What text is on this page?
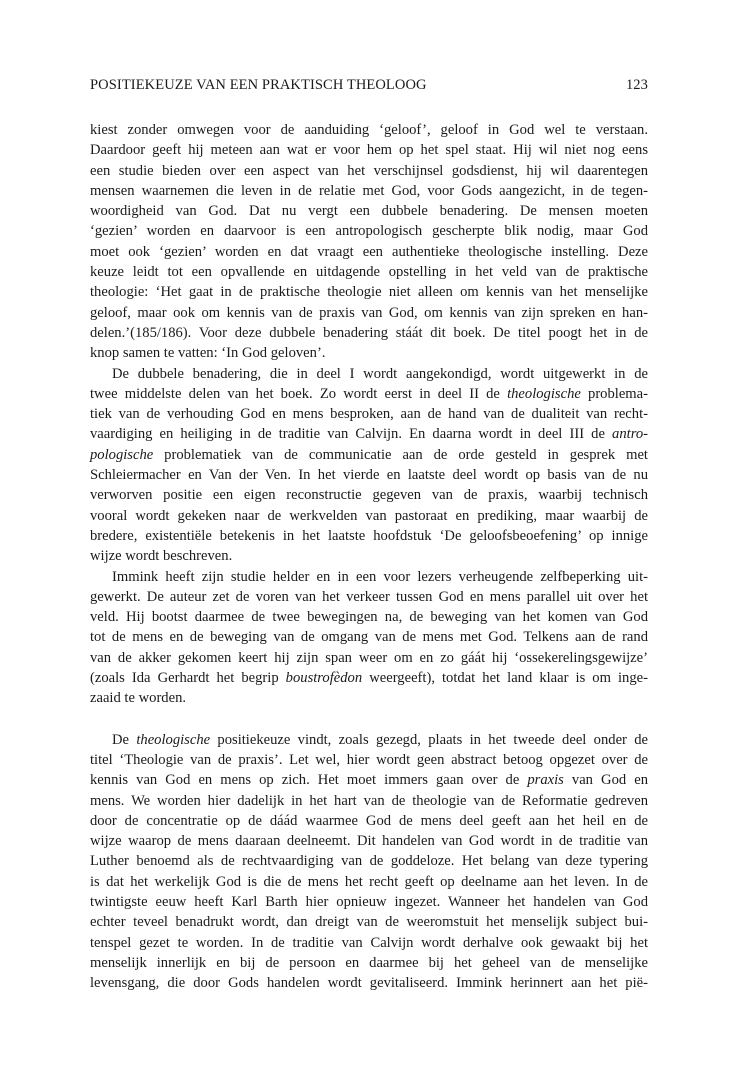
POSITIEKEUZE VAN EEN PRAKTISCH THEOLOOG	123
kiest zonder omwegen voor de aanduiding ‘geloof’, geloof in God wel te verstaan.
Daardoor geeft hij meteen aan wat er voor hem op het spel staat. Hij wil niet nog eens
een studie bieden over een aspect van het verschijnsel godsdienst, hij wil daarentegen
mensen waarnemen die leven in de relatie met God, voor Gods aangezicht, in de tegen-
woordigheid van God. Dat nu vergt een dubbele benadering. De mensen moeten
‘gezien’ worden en daarvoor is een antropologisch gescherpte blik nodig, maar God
moet ook ‘gezien’ worden en dat vraagt een authentieke theologische instelling. Deze
keuze leidt tot een opvallende en uitdagende opstelling in het veld van de praktische
theologie: ‘Het gaat in de praktische theologie niet alleen om kennis van het menselijke
geloof, maar ook om kennis van de praxis van God, om kennis van zijn spreken en han-
delen.’(185/186). Voor deze dubbele benadering stáát dit boek. De titel poogt het in de
knop samen te vatten: ‘In God geloven’.
De dubbele benadering, die in deel I wordt aangekondigd, wordt uitgewerkt in de
twee middelste delen van het boek. Zo wordt eerst in deel II de theologische problema-
tiek van de verhouding God en mens besproken, aan de hand van de dualiteit van recht-
vaardiging en heiliging in de traditie van Calvijn. En daarna wordt in deel III de antro-
pologische problematiek van de communicatie aan de orde gesteld in gesprek met
Schleiermacher en Van der Ven. In het vierde en laatste deel wordt op basis van de nu
verworven positie een eigen reconstructie gegeven van de praxis, waarbij technisch
vooral wordt gekeken naar de werkvelden van pastoraat en prediking, maar waarbij de
bredere, existentiële betekenis in het laatste hoofdstuk ‘De geloofsbeoefening’ op innige
wijze wordt beschreven.
Immink heeft zijn studie helder en in een voor lezers verheugende zelfbeperking uit-
gewerkt. De auteur zet de voren van het verkeer tussen God en mens parallel uit over het
veld. Hij bootst daarmee de twee bewegingen na, de beweging van het komen van God
tot de mens en de beweging van de omgang van de mens met God. Telkens aan de rand
van de akker gekomen keert hij zijn span weer om en zo gáát hij ‘ossekerelingsgewijze’
(zoals Ida Gerhardt het begrip boustrofèdon weergeeft), totdat het land klaar is om inge-
zaaid te worden.
De theologische positiekeuze vindt, zoals gezegd, plaats in het tweede deel onder de
titel ‘Theologie van de praxis’. Let wel, hier wordt geen abstract betoog opgezet over de
kennis van God en mens op zich. Het moet immers gaan over de praxis van God en
mens. We worden hier dadelijk in het hart van de theologie van de Reformatie gedreven
door de concentratie op de dáád waarmee God de mens deel geeft aan het heil en de
wijze waarop de mens daaraan deelneemt. Dit handelen van God wordt in de traditie van
Luther benoemd als de rechtvaardiging van de goddeloze. Het belang van deze typering
is dat het werkelijk God is die de mens het recht geeft op deelname aan het leven. In de
twintigste eeuw heeft Karl Barth hier opnieuw ingezet. Wanneer het handelen van God
echter teveel benadrukt wordt, dan dreigt van de weeromstuit het menselijk subject bui-
tenspel gezet te worden. In de traditie van Calvijn wordt derhalve ook gewaakt bij het
menselijk innerlijk en bij de persoon en daarmee bij het geheel van de menselijke
levensgang, die door Gods handelen wordt gevitaliseerd. Immink herinnert aan het pië-
